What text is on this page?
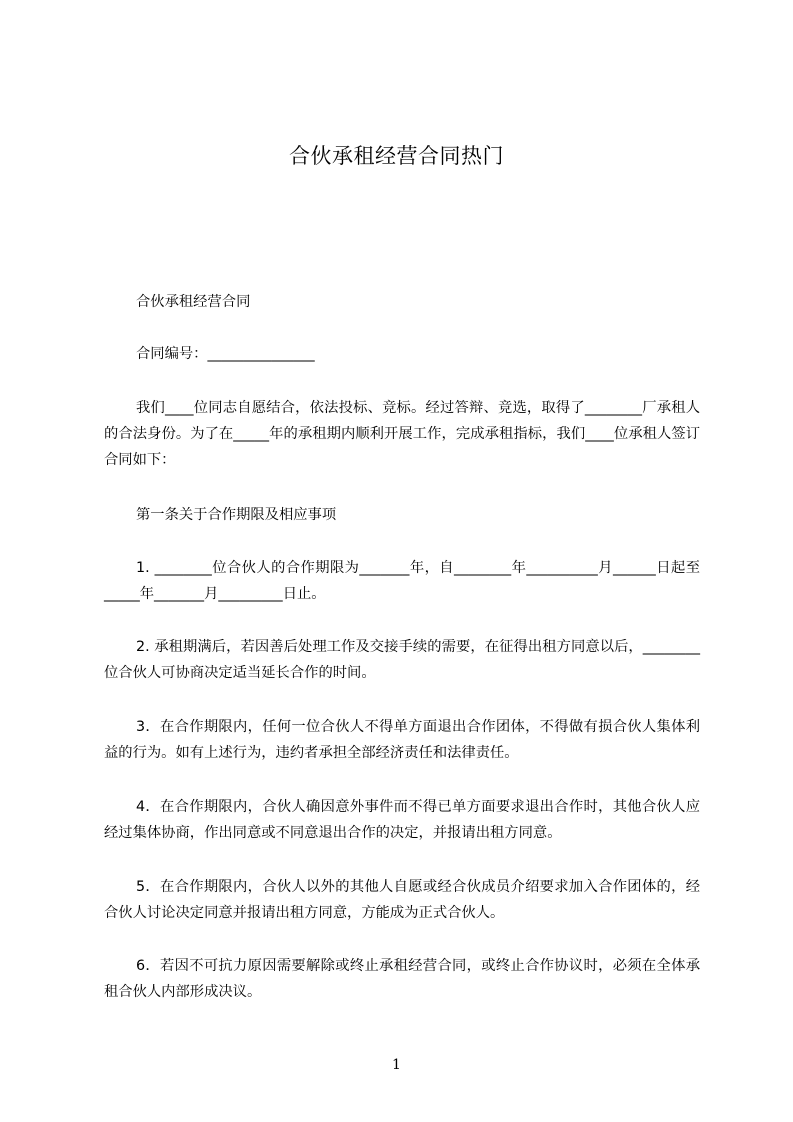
合伙承租经营合同热门

合伙承租经营合同

合同编号：_______________

我们____位同志自愿结合，依法投标、竞标。经过答辩、竞选，取得了________厂承租人的合法身份。为了在_____年的承租期内顺利开展工作，完成承租指标，我们____位承租人签订合同如下：

第一条关于合作期限及相应事项

1. ________位合伙人的合作期限为_______年，自________年__________月______日起至_____年_______月_________日止。

2. 承租期满后，若因善后处理工作及交接手续的需要，在征得出租方同意以后，________位合伙人可协商决定适当延长合作的时间。

3．在合作期限内，任何一位合伙人不得单方面退出合作团体，不得做有损合伙人集体利益的行为。如有上述行为，违约者承担全部经济责任和法律责任。

4．在合作期限内，合伙人确因意外事件而不得已单方面要求退出合作时，其他合伙人应经过集体协商，作出同意或不同意退出合作的决定，并报请出租方同意。

5．在合作期限内，合伙人以外的其他人自愿或经合伙成员介绍要求加入合作团体的，经合伙人讨论决定同意并报请出租方同意，方能成为正式合伙人。

6．若因不可抗力原因需要解除或终止承租经营合同，或终止合作协议时，必须在全体承租合伙人内部形成决议。

1
